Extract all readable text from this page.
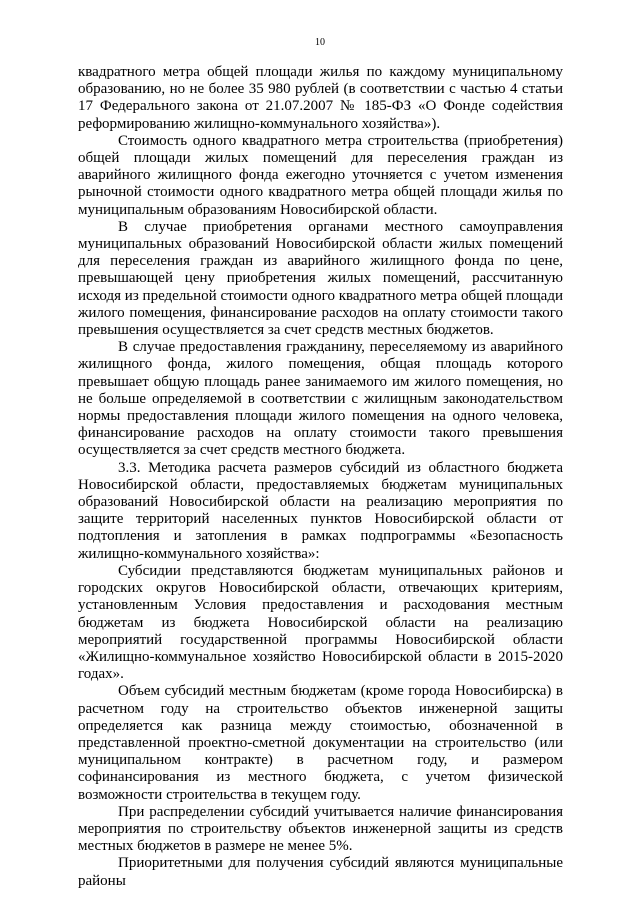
10

квадратного метра общей площади жилья по каждому муниципальному образованию, но не более 35 980 рублей (в соответствии с частью 4 статьи 17 Федерального закона от 21.07.2007 № 185-ФЗ «О Фонде содействия реформированию жилищно-коммунального хозяйства»).

Стоимость одного квадратного метра строительства (приобретения) общей площади жилых помещений для переселения граждан из аварийного жилищного фонда ежегодно уточняется с учетом изменения рыночной стоимости одного квадратного метра общей площади жилья по муниципальным образованиям Новосибирской области.

В случае приобретения органами местного самоуправления муниципальных образований Новосибирской области жилых помещений для переселения граждан из аварийного жилищного фонда по цене, превышающей цену приобретения жилых помещений, рассчитанную исходя из предельной стоимости одного квадратного метра общей площади жилого помещения, финансирование расходов на оплату стоимости такого превышения осуществляется за счет средств местных бюджетов.

В случае предоставления гражданину, переселяемому из аварийного жилищного фонда, жилого помещения, общая площадь которого превышает общую площадь ранее занимаемого им жилого помещения, но не больше определяемой в соответствии с жилищным законодательством нормы предоставления площади жилого помещения на одного человека, финансирование расходов на оплату стоимости такого превышения осуществляется за счет средств местного бюджета.

3.3. Методика расчета размеров субсидий из областного бюджета Новосибирской области, предоставляемых бюджетам муниципальных образований Новосибирской области на реализацию мероприятия по защите территорий населенных пунктов Новосибирской области от подтопления и затопления в рамках подпрограммы «Безопасность жилищно-коммунального хозяйства»:

Субсидии представляются бюджетам муниципальных районов и городских округов Новосибирской области, отвечающих критериям, установленным Условия предоставления и расходования местным бюджетам из бюджета Новосибирской области на реализацию мероприятий государственной программы Новосибирской области «Жилищно-коммунальное хозяйство Новосибирской области в 2015-2020 годах».

Объем субсидий местным бюджетам (кроме города Новосибирска) в расчетном году на строительство объектов инженерной защиты определяется как разница между стоимостью, обозначенной в представленной проектно-сметной документации на строительство (или муниципальном контракте) в расчетном году, и размером софинансирования из местного бюджета, с учетом физической возможности строительства в текущем году.

При распределении субсидий учитывается наличие финансирования мероприятия по строительству объектов инженерной защиты из средств местных бюджетов в размере не менее 5%.

Приоритетными для получения субсидий являются муниципальные районы
